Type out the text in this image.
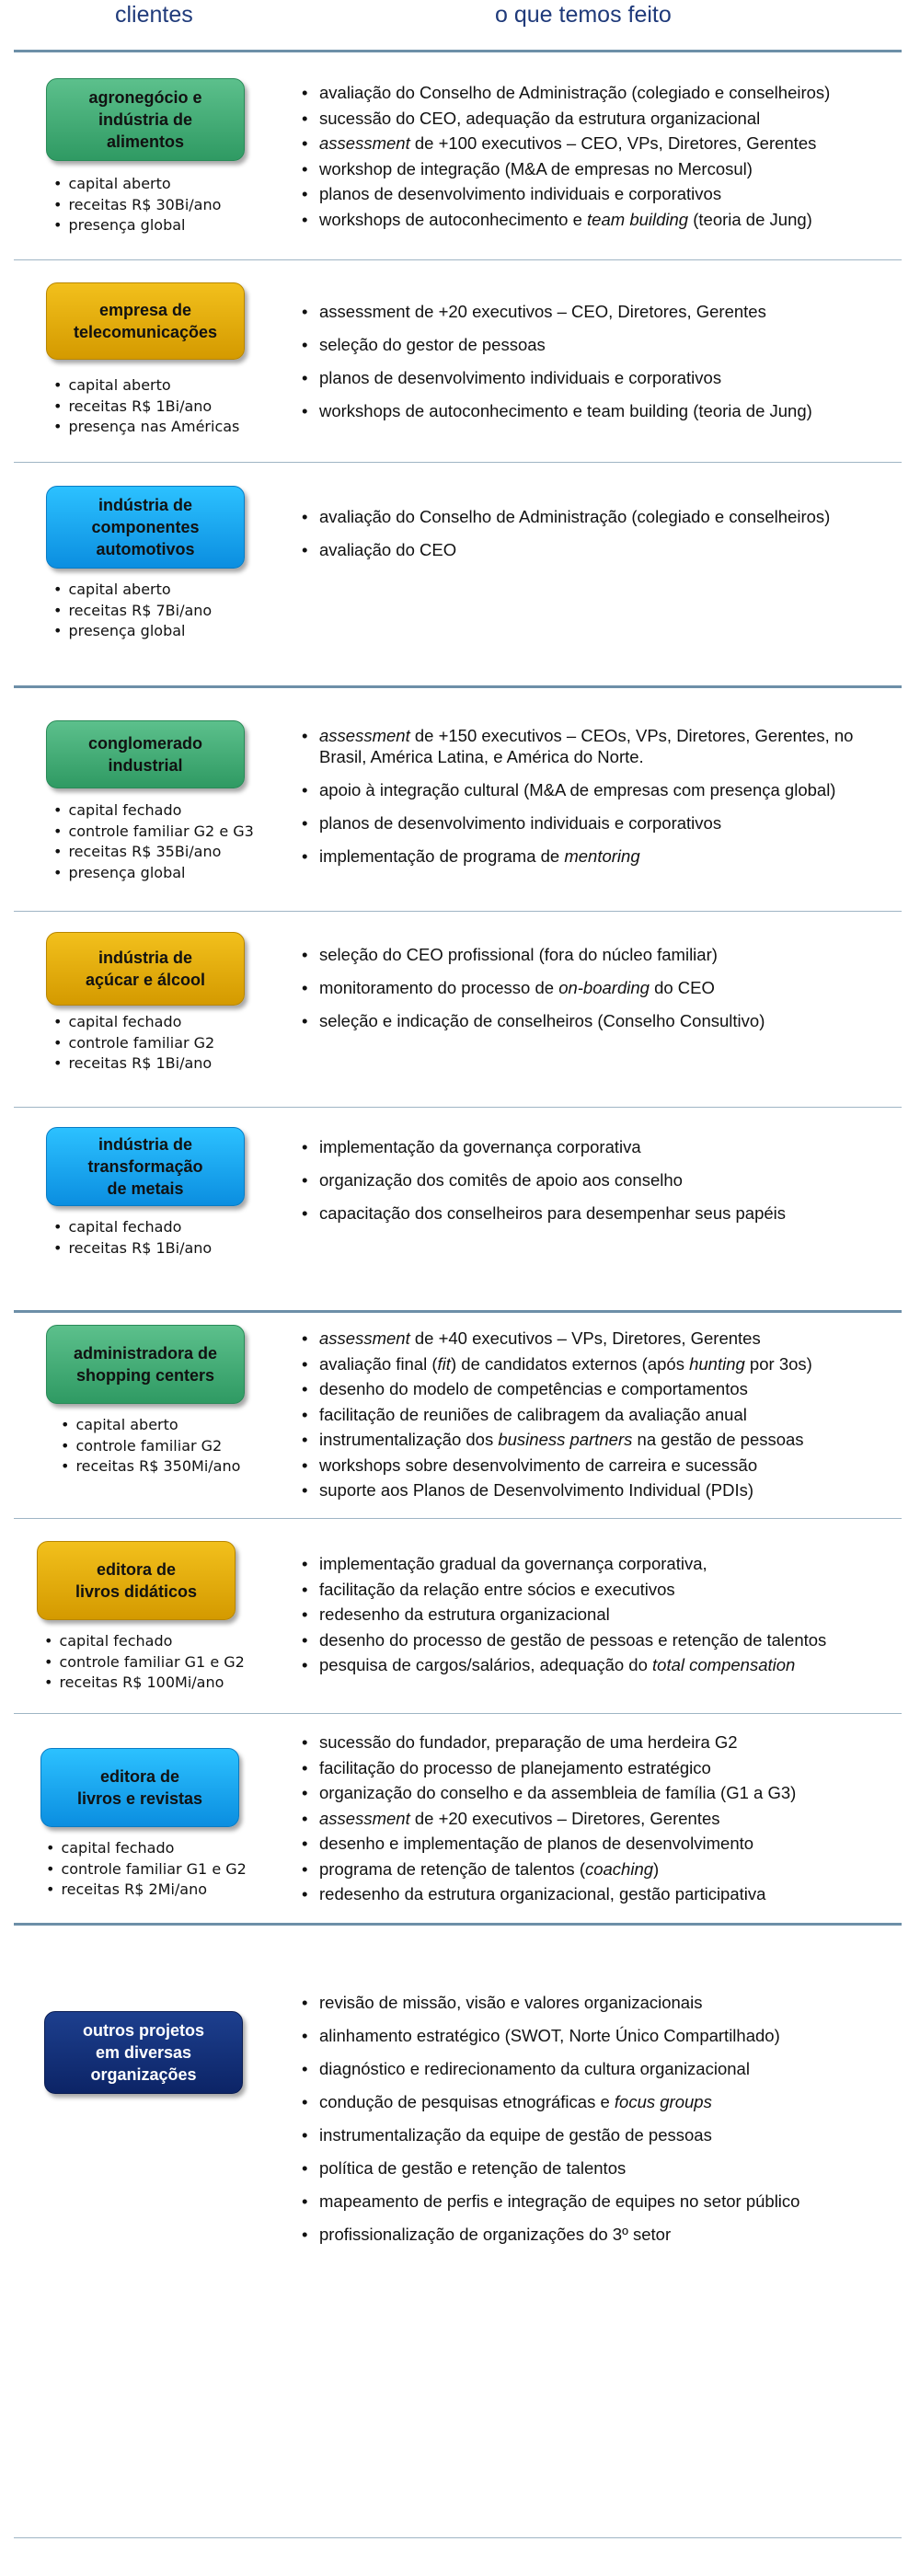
clientes	o que temos feito
agronegócio e
indústria de
alimentos
• capital aberto
• receitas R$ 30Bi/ano
• presença global
• avaliação do Conselho de Administração (colegiado e conselheiros)
• sucessão do CEO, adequação da estrutura organizacional
• assessment de +100 executivos – CEO, VPs, Diretores, Gerentes
• workshop de integração (M&A de empresas no Mercosul)
• planos de desenvolvimento individuais e corporativos
• workshops de autoconhecimento e team building (teoria de Jung)
empresa de
telecomunicações
• capital aberto
• receitas R$ 1Bi/ano
• presença nas Américas
• assessment de +20 executivos – CEO, Diretores, Gerentes
• seleção do gestor de pessoas
• planos de desenvolvimento individuais e corporativos
• workshops de autoconhecimento e team building (teoria de Jung)
indústria de
componentes
automotivos
• capital aberto
• receitas R$ 7Bi/ano
• presença global
• avaliação do Conselho de Administração (colegiado e conselheiros)
• avaliação do CEO
conglomerado
industrial
• capital fechado
• controle familiar G2 e G3
• receitas R$ 35Bi/ano
• presença global
• assessment de +150 executivos – CEOs, VPs, Diretores, Gerentes, no Brasil, América Latina, e América do Norte.
• apoio à integração cultural (M&A de empresas com presença global)
• planos de desenvolvimento individuais e corporativos
• implementação de programa de mentoring
indústria de
açúcar e álcool
• capital fechado
• controle familiar G2
• receitas R$ 1Bi/ano
• seleção do CEO profissional (fora do núcleo familiar)
• monitoramento do processo de on-boarding do CEO
• seleção e indicação de conselheiros (Conselho Consultivo)
indústria de
transformação
de metais
• capital fechado
• receitas R$ 1Bi/ano
• implementação da governança corporativa
• organização dos comitês de apoio aos conselho
• capacitação dos conselheiros para desempenhar seus papéis
administradora de
shopping centers
• capital aberto
• controle familiar G2
• receitas R$ 350Mi/ano
• assessment de +40 executivos – VPs, Diretores, Gerentes
• avaliação final (fit) de candidatos externos (após hunting por 3os)
• desenho do modelo de competências e comportamentos
• facilitação de reuniões de calibragem da avaliação anual
• instrumentalização dos business partners na gestão de pessoas
• workshops sobre desenvolvimento de carreira e sucessão
• suporte aos Planos de Desenvolvimento Individual (PDIs)
editora de
livros didáticos
• capital fechado
• controle familiar G1 e G2
• receitas R$ 100Mi/ano
• implementação gradual da governança corporativa,
• facilitação da relação entre sócios e executivos
• redesenho da estrutura organizacional
• desenho do processo de gestão de pessoas e retenção de talentos
• pesquisa de cargos/salários, adequação do total compensation
editora de
livros e revistas
• capital fechado
• controle familiar G1 e G2
• receitas R$ 2Mi/ano
• sucessão do fundador, preparação de uma herdeira G2
• facilitação do processo de planejamento estratégico
• organização do conselho e da assembleia de família (G1 a G3)
• assessment de +20 executivos – Diretores, Gerentes
• desenho e implementação de planos de desenvolvimento
• programa de retenção de talentos (coaching)
• redesenho da estrutura organizacional, gestão participativa
outros projetos
em diversas
organizações
• revisão de missão, visão e valores organizacionais
• alinhamento estratégico (SWOT, Norte Único Compartilhado)
• diagnóstico e redirecionamento da cultura organizacional
• condução de pesquisas etnográficas e focus groups
• instrumentalização da equipe de gestão de pessoas
• política de gestão e retenção de talentos
• mapeamento de perfis e integração de equipes no setor público
• profissionalização de organizações do 3º setor
